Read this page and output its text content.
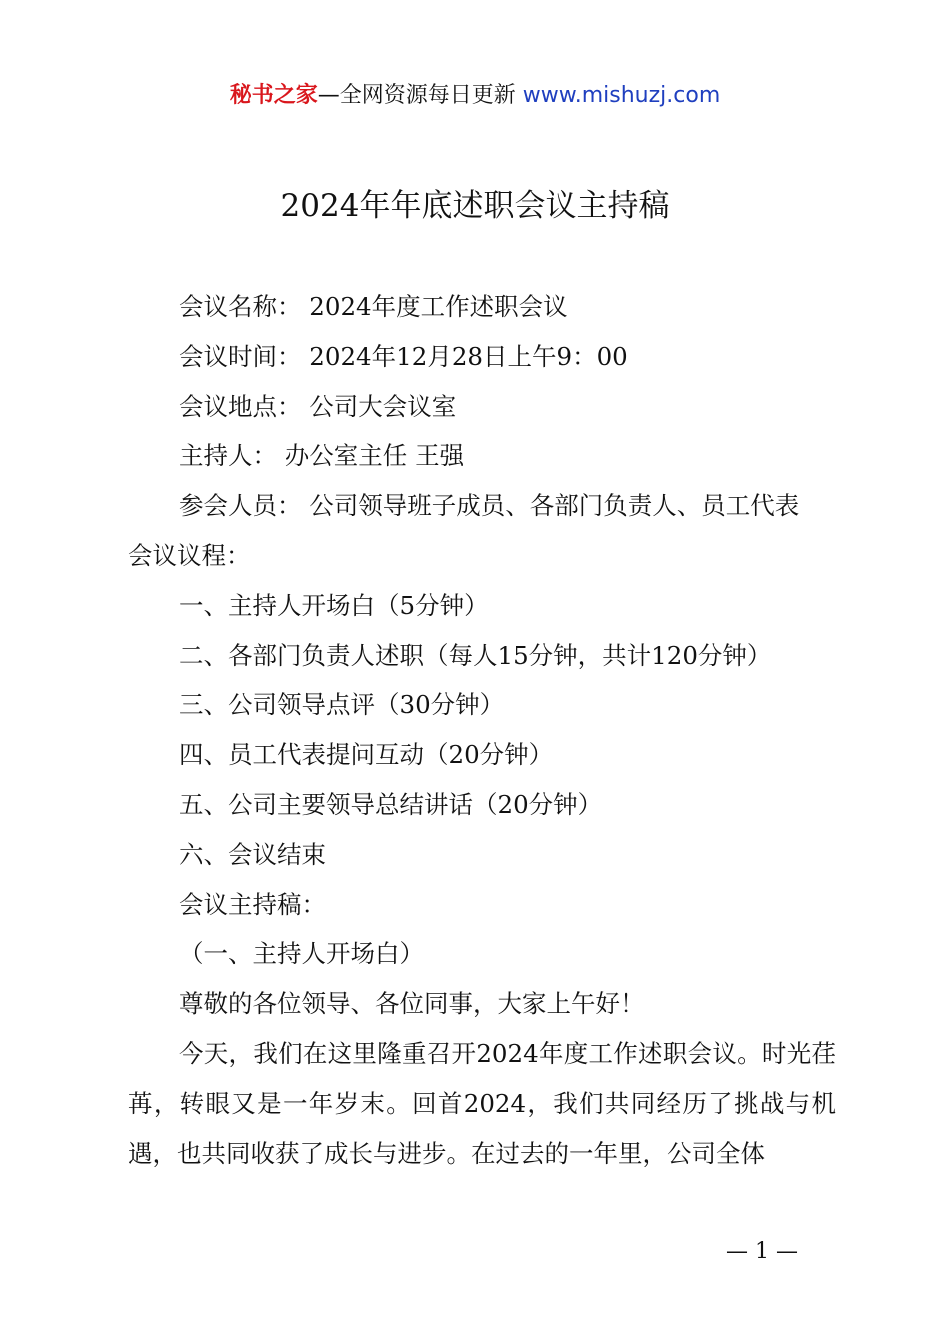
秘书之家—全网资源每日更新 www.mishuzj.com
2024年年底述职会议主持稿

会议名称： 2024年度工作述职会议

会议时间： 2024年12月28日上午9：00

会议地点： 公司大会议室

主持人： 办公室主任 王强

参会人员： 公司领导班子成员、各部门负责人、员工代表

会议议程：

一、主持人开场白（5分钟）

二、各部门负责人述职（每人15分钟，共计120分钟）

三、公司领导点评（30分钟）

四、员工代表提问互动（20分钟）

五、公司主要领导总结讲话（20分钟）

六、会议结束

会议主持稿：

（一、主持人开场白）

尊敬的各位领导、各位同事，大家上午好！

今天，我们在这里隆重召开2024年度工作述职会议。时光荏苒，转眼又是一年岁末。回首2024，我们共同经历了挑战与机遇，也共同收获了成长与进步。在过去的一年里，公司全体

— 1 —
